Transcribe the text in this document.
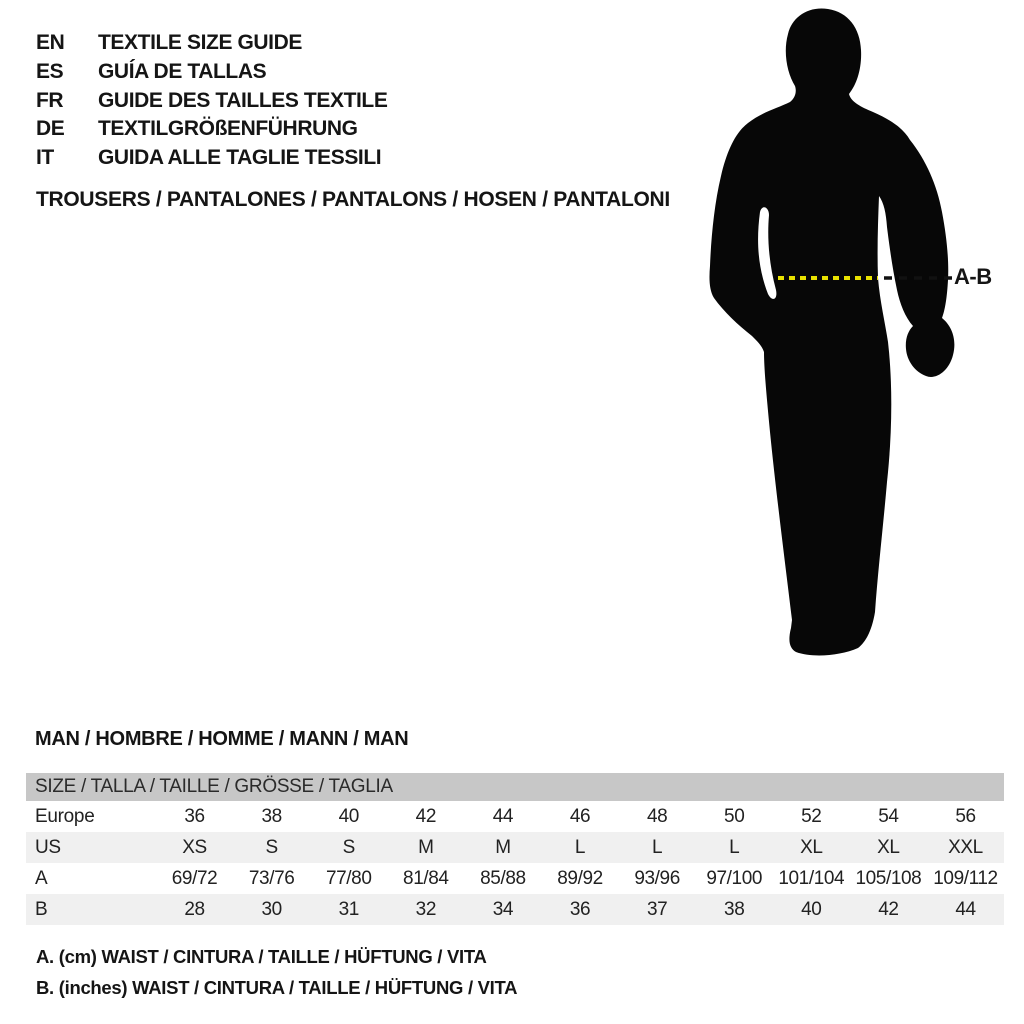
EN	TEXTILE SIZE GUIDE
ES	GUÍA DE TALLAS
FR	GUIDE DES TAILLES TEXTILE
DE	TEXTILGRÖßENFÜHRUNG
IT	GUIDA ALLE TAGLIE TESSILI
TROUSERS / PANTALONES / PANTALONS / HOSEN / PANTALONI
A-B
MAN / HOMBRE / HOMME / MANN / MAN
SIZE / TALLA / TAILLE / GRÖSSE / TAGLIA
Europe	36	38	40	42	44	46	48	50	52	54	56
US	XS	S	S	M	M	L	L	L	XL	XL	XXL
A	69/72	73/76	77/80	81/84	85/88	89/92	93/96	97/100 101/104 105/108 109/112
B	28	30	31	32	34	36	37	38	40	42	44
A. (cm) WAIST / CINTURA / TAILLE / HÜFTUNG / VITA
B. (inches) WAIST / CINTURA / TAILLE / HÜFTUNG / VITA
